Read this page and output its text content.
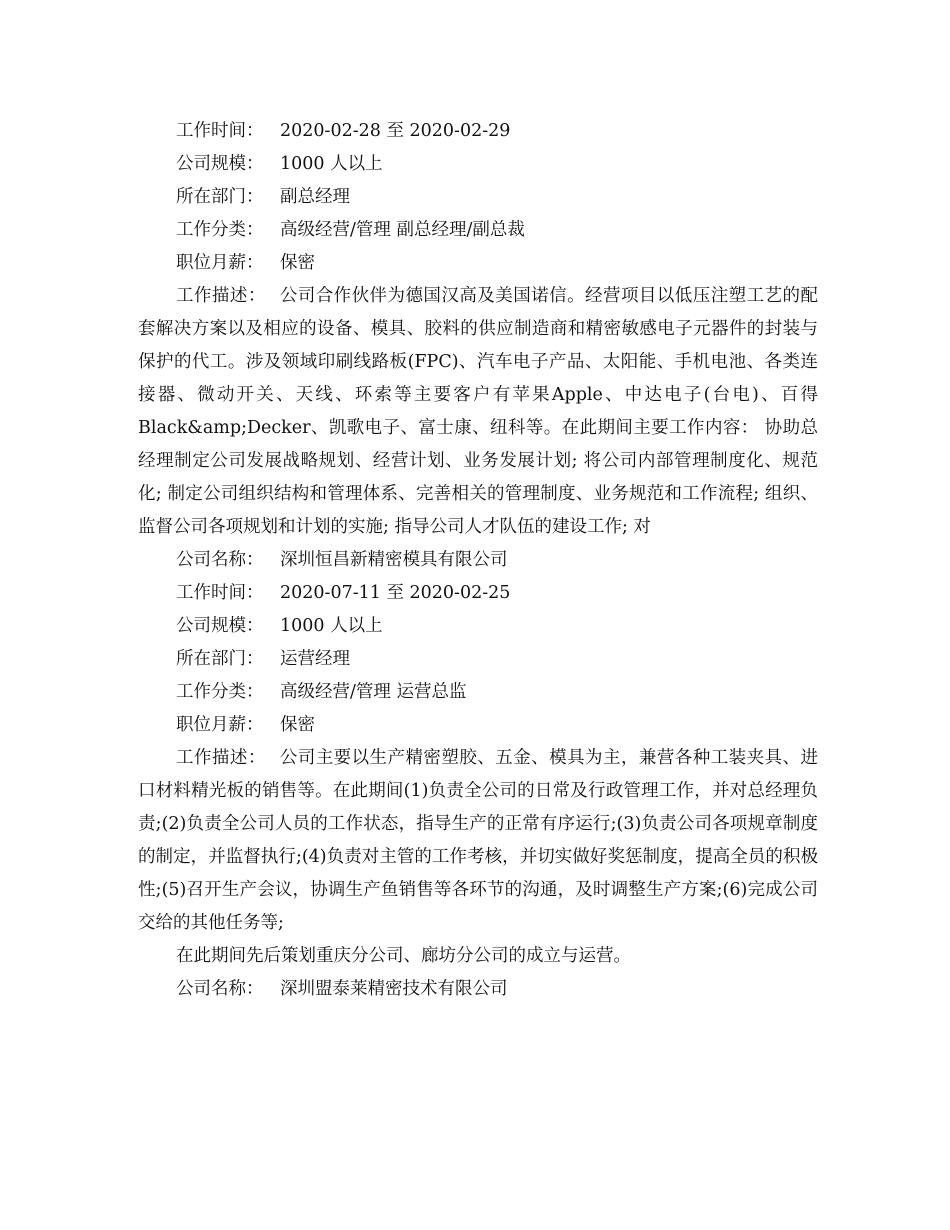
工作时间： 2020-02-28 至 2020-02-29
公司规模： 1000 人以上
所在部门： 副总经理
工作分类： 高级经营/管理 副总经理/副总裁
职位月薪： 保密
工作描述： 公司合作伙伴为德国汉高及美国诺信。经营项目以低压注塑工艺的配套解决方案以及相应的设备、模具、胶料的供应制造商和精密敏感电子元器件的封装与保护的代工。涉及领域印刷线路板(FPC)、汽车电子产品、太阳能、手机电池、各类连接器、微动开关、天线、环索等主要客户有苹果Apple、中达电子(台电)、百得Black&amp;Decker、凯歌电子、富士康、纽科等。在此期间主要工作内容： 协助总经理制定公司发展战略规划、经营计划、业务发展计划; 将公司内部管理制度化、规范化; 制定公司组织结构和管理体系、完善相关的管理制度、业务规范和工作流程; 组织、监督公司各项规划和计划的实施; 指导公司人才队伍的建设工作; 对
公司名称： 深圳恒昌新精密模具有限公司
工作时间： 2020-07-11 至 2020-02-25
公司规模： 1000 人以上
所在部门： 运营经理
工作分类： 高级经营/管理 运营总监
职位月薪： 保密
工作描述： 公司主要以生产精密塑胶、五金、模具为主，兼营各种工装夹具、进口材料精光板的销售等。在此期间(1)负责全公司的日常及行政管理工作，并对总经理负责;(2)负责全公司人员的工作状态，指导生产的正常有序运行;(3)负责公司各项规章制度的制定，并监督执行;(4)负责对主管的工作考核，并切实做好奖惩制度，提高全员的积极性;(5)召开生产会议，协调生产鱼销售等各环节的沟通，及时调整生产方案;(6)完成公司交给的其他任务等;
在此期间先后策划重庆分公司、廊坊分公司的成立与运营。
公司名称： 深圳盟泰莱精密技术有限公司
